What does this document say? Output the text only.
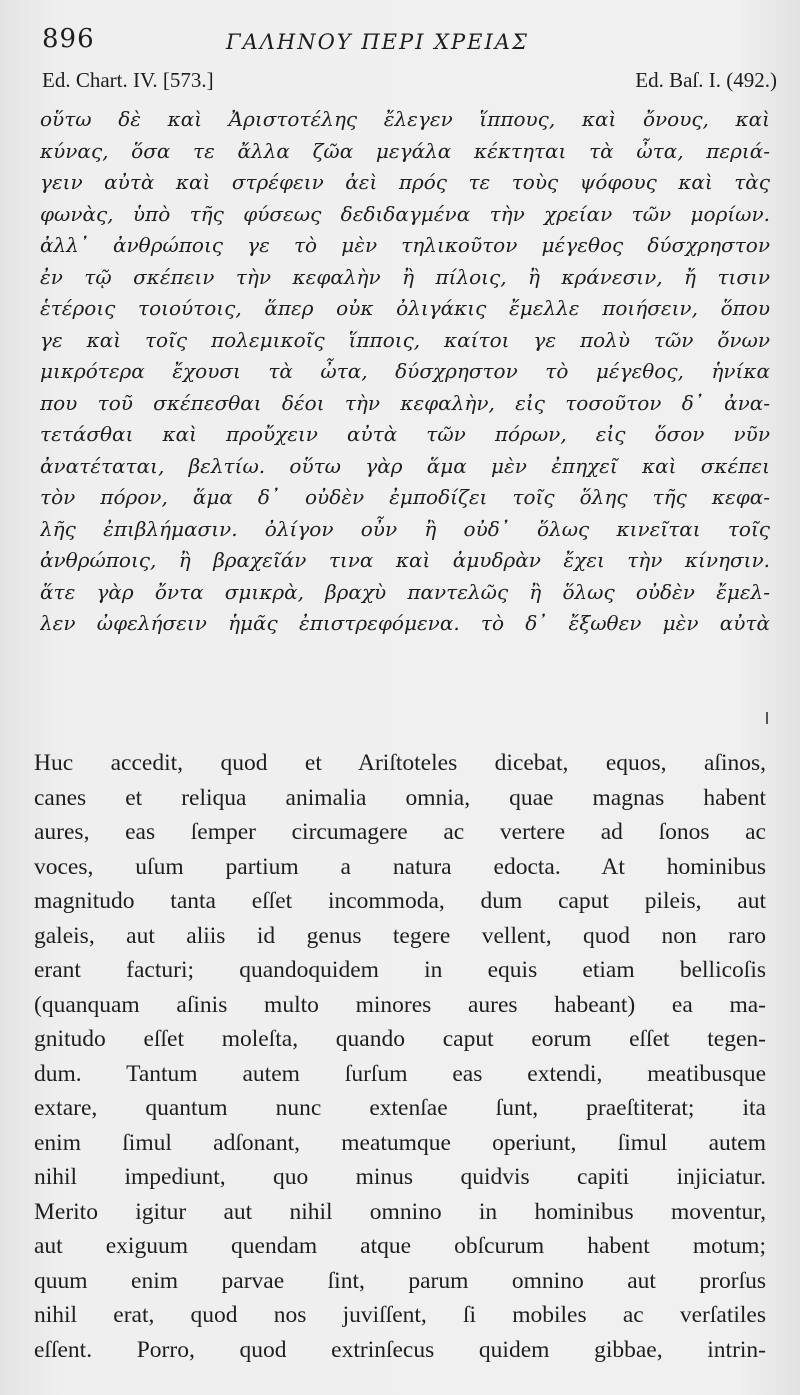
896	ΓΑΛΗΝΟΥ ΠΕΡΙ ΧΡΕΙΑΣ
Ed. Chart. IV. [573.]	Ed. Baſ. I. (492.)
οὕτω δὲ καὶ Ἀριστοτέλης ἔλεγεν ἵππους, καὶ ὄνους, καὶ
κύνας, ὅσα τε ἄλλα ζῶα μεγάλα κέκτηται τὰ ὦτα, περιά-
γειν αὐτὰ καὶ στρέφειν ἀεὶ πρός τε τοὺς ψόφους καὶ τὰς
φωνὰς, ὑπὸ τῆς φύσεως δεδιδαγμένα τὴν χρείαν τῶν μορίων.
ἀλλ᾽ ἀνθρώποις γε τὸ μὲν τηλικοῦτον μέγεθος δύσχρηστον
ἐν τῷ σκέπειν τὴν κεφαλὴν ἢ πίλοις, ἢ κράνεσιν, ἤ τισιν
ἑτέροις τοιούτοις, ἅπερ οὐκ ὀλιγάκις ἔμελλε ποιήσειν, ὅπου
γε καὶ τοῖς πολεμικοῖς ἵπποις, καίτοι γε πολὺ τῶν ὄνων
μικρότερα ἔχουσι τὰ ὦτα, δύσχρηστον τὸ μέγεθος, ἡνίκα
που τοῦ σκέπεσθαι δέοι τὴν κεφαλὴν, εἰς τοσοῦτον δ᾽ ἀνα-
τετάσθαι καὶ προὔχειν αὐτὰ τῶν πόρων, εἰς ὅσον νῦν
ἀνατέταται, βελτίω. οὕτω γὰρ ἅμα μὲν ἐπηχεῖ καὶ σκέπει
τὸν πόρον, ἅμα δ᾽ οὐδὲν ἐμποδίζει τοῖς ὅλης τῆς κεφα-
λῆς ἐπιβλήμασιν. ὀλίγον οὖν ἢ οὐδ᾽ ὅλως κινεῖται τοῖς
ἀνθρώποις, ἢ βραχεῖάν τινα καὶ ἀμυδρὰν ἔχει τὴν κίνησιν.
ἅτε γὰρ ὄντα σμικρὰ, βραχὺ παντελῶς ἢ ὅλως οὐδὲν ἔμελ-
λεν ὠφελήσειν ἡμᾶς ἐπιστρεφόμενα. τὸ δ᾽ ἔξωθεν μὲν αὐτὰ
Huc accedit, quod et Ariſtoteles dicebat, equos, aſinos,
canes et reliqua animalia omnia, quae magnas habent
aures, eas ſemper circumagere ac vertere ad ſonos ac
voces, uſum partium a natura edocta. At hominibus
magnitudo tanta eſſet incommoda, dum caput pileis, aut
galeis, aut aliis id genus tegere vellent, quod non raro
erant facturi; quandoquidem in equis etiam bellicoſis
(quanquam aſinis multo minores aures habeant) ea ma-
gnitudo eſſet moleſta, quando caput eorum eſſet tegen-
dum. Tantum autem ſurſum eas extendi, meatibusque
extare, quantum nunc extenſae ſunt, praeſtiterat; ita
enim ſimul adſonant, meatumque operiunt, ſimul autem
nihil impediunt, quo minus quidvis capiti injiciatur.
Merito igitur aut nihil omnino in hominibus moventur,
aut exiguum quendam atque obſcurum habent motum;
quum enim parvae ſint, parum omnino aut prorſus
nihil erat, quod nos juviſſent, ſi mobiles ac verſatiles
eſſent. Porro, quod extrinſecus quidem gibbae, intrin-
